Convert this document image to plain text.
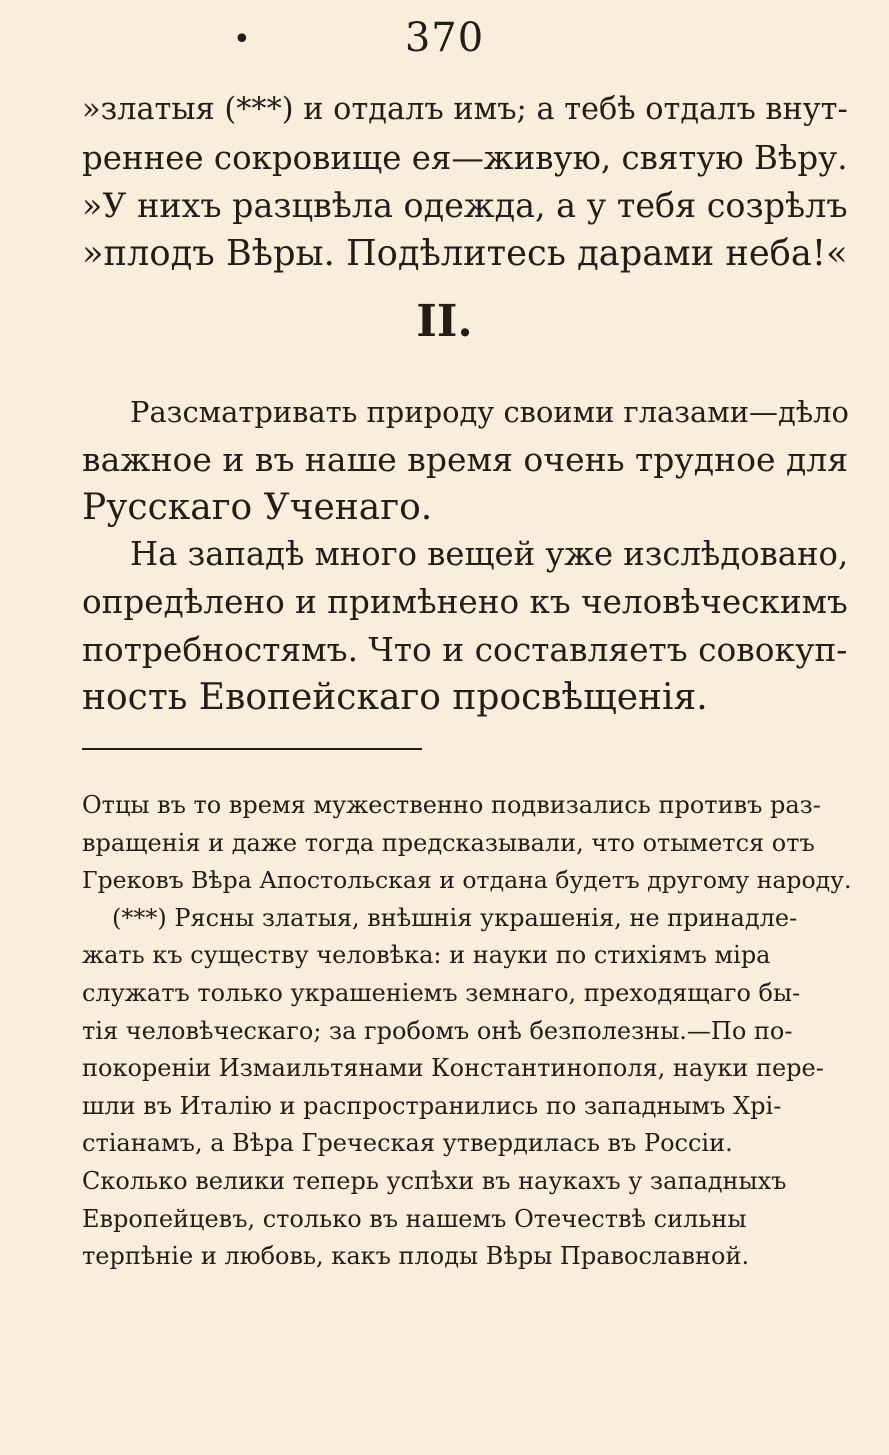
•	370
»златыя (***) и отдалъ имъ; а тебѣ отдалъ внут-
реннее сокровище ея—живую, святую Вѣру.
»У нихъ разцвѣла одежда, а у тебя созрѣлъ
»плодъ Вѣры. Подѣлитесь дарами неба!«
II.
Разсматривать природу своими глазами—дѣло
важное и въ наше время очень трудное для
Русскаго Ученаго.
На западѣ много вещей уже изслѣдовано,
опредѣлено и примѣнено къ человѣческимъ
потребностямъ. Что и составляетъ совокуп-
ность Евопейскаго просвѣщенія.
Отцы въ то время мужественно подвизались противъ раз-
вращенія и даже тогда предсказывали, что отымется отъ
Грековъ Вѣра Апостольская и отдана будетъ другому народу.
(***) Рясны златыя, внѣшнія украшенія, не принадле-
жать къ существу человѣка: и науки по стихіямъ міра
служатъ только украшеніемъ земнаго, преходящаго бы-
тія человѣческаго; за гробомъ онѣ безполезны.—По по-
покореніи Измаильтянами Константинополя, науки пере-
шли въ Италію и распространились по западнымъ Хрі-
стіанамъ, а Вѣра Греческая утвердилась въ Россіи.
Сколько велики теперь успѣхи въ наукахъ у западныхъ
Европейцевъ, столько въ нашемъ Отечествѣ сильны
терпѣніе и любовь, какъ плоды Вѣры Православной.
